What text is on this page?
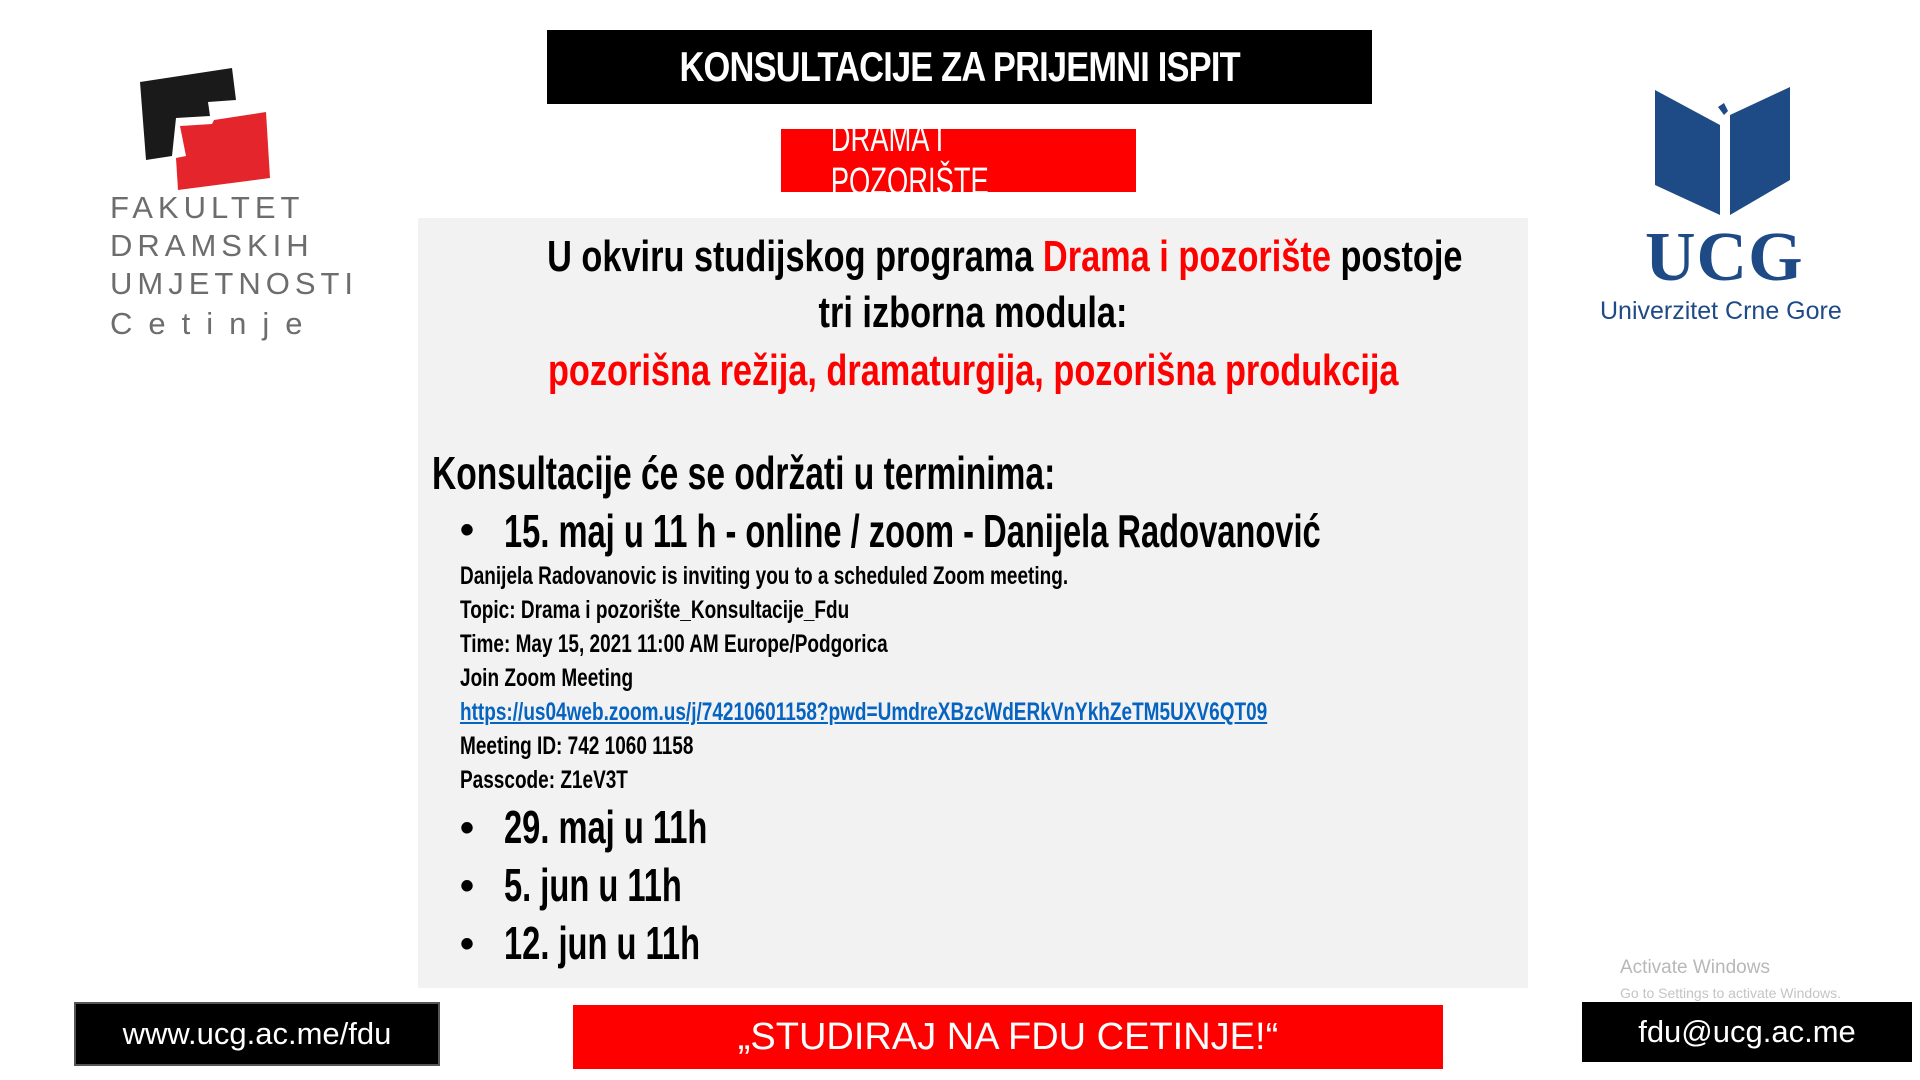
KONSULTACIJE ZA PRIJEMNI ISPIT
DRAMA I POZORIŠTE
FAKULTET
DRAMSKIH
UMJETNOSTI
Cetinje
UCG
Univerzitet Crne Gore
U okviru studijskog programa Drama i pozorište postoje
tri izborna modula:
pozorišna režija, dramaturgija, pozorišna produkcija
Konsultacije će se održati u terminima:
• 15. maj u 11 h - online / zoom - Danijela Radovanović
Danijela Radovanovic is inviting you to a scheduled Zoom meeting.
Topic: Drama i pozorište_Konsultacije_Fdu
Time: May 15, 2021 11:00 AM Europe/Podgorica
Join Zoom Meeting
https://us04web.zoom.us/j/74210601158?pwd=UmdreXBzcWdERkVnYkhZeTM5UXV6QT09
Meeting ID: 742 1060 1158
Passcode: Z1eV3T
• 29. maj u 11h
• 5. jun u 11h
• 12. jun u 11h	Activate Windows
Go to Settings to activate Windows.
www.ucg.ac.me/fdu	„STUDIRAJ NA FDU CETINJE!“	fdu@ucg.ac.me
